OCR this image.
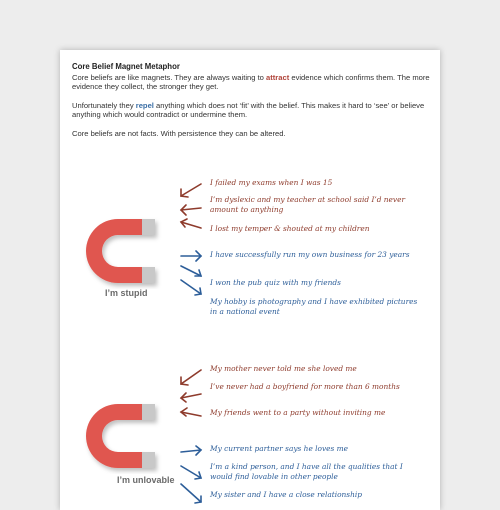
Core Belief Magnet Metaphor

Core beliefs are like magnets. They are always waiting to attract evidence which confirms them. The more evidence they collect, the stronger they get.

Unfortunately they repel anything which does not ‘fit’ with the belief. This makes it hard to ‘see’ or believe anything which would contradict or undermine them.

Core beliefs are not facts. With persistence they can be altered.

I’m stupid
I failed my exams when I was 15
I’m dyslexic and my teacher at school said I’d never amount to anything
I lost my temper & shouted at my children
I have successfully run my own business for 23 years
I won the pub quiz with my friends
My hobby is photography and I have exhibited pictures in a national event
I’m unlovable
My mother never told me she loved me
I’ve never had a boyfriend for more than 6 months
My friends went to a party without inviting me
My current partner says he loves me
I’m a kind person, and I have all the qualities that I would find lovable in other people
My sister and I have a close relationship
